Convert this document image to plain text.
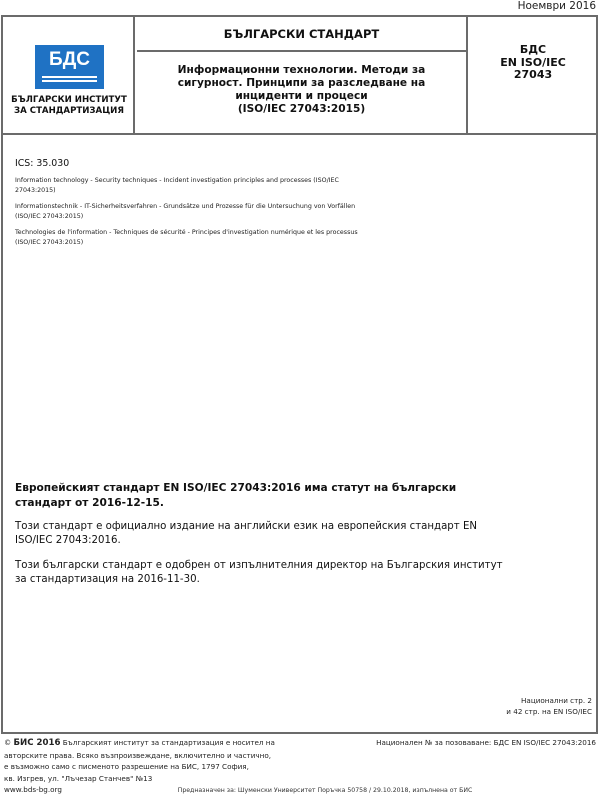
Ноември 2016
БДС
БЪЛГАРСКИ ИНСТИТУТ
ЗА СТАНДАРТИЗАЦИЯ
БЪЛГАРСКИ СТАНДАРТ
Информационни технологии. Методи за
сигурност. Принципи за разследване на
инциденти и процеси
(ISO/IEC 27043:2015)
БДС
EN ISO/IEC
27043
ICS: 35.030

Information technology - Security techniques - Incident investigation principles and processes (ISO/IEC 27043:2015)

Informationstechnik - IT-Sicherheitsverfahren - Grundsätze und Prozesse für die Untersuchung von Vorfällen (ISO/IEC 27043:2015)

Technologies de l'information - Techniques de sécurité - Principes d'investigation numérique et les processus (ISO/IEC 27043:2015)

Европейският стандарт EN ISO/IEC 27043:2016 има статут на български стандарт от 2016-12-15.

Този стандарт е официално издание на английски език на европейския стандарт EN ISO/IEC 27043:2016.

Този български стандарт е одобрен от изпълнителния директор на Българския институт за стандартизация на 2016-11-30.

Национални стр. 2
и 42 стр. на EN ISO/IEC
© БИС 2016 Българският институт за стандартизация е носител на
авторските права. Всяко възпроизвеждане, включително и частично,
е възможно само с писменото разрешение на БИС, 1797 София,
кв. Изгрев, ул. "Лъчезар Станчев" №13
www.bds-bg.org
Национален № за позоваване: БДС EN ISO/IEC 27043:2016
Предназначен за: Шуменски Университет Поръчка 50758 / 29.10.2018, изпълнена от БИС
